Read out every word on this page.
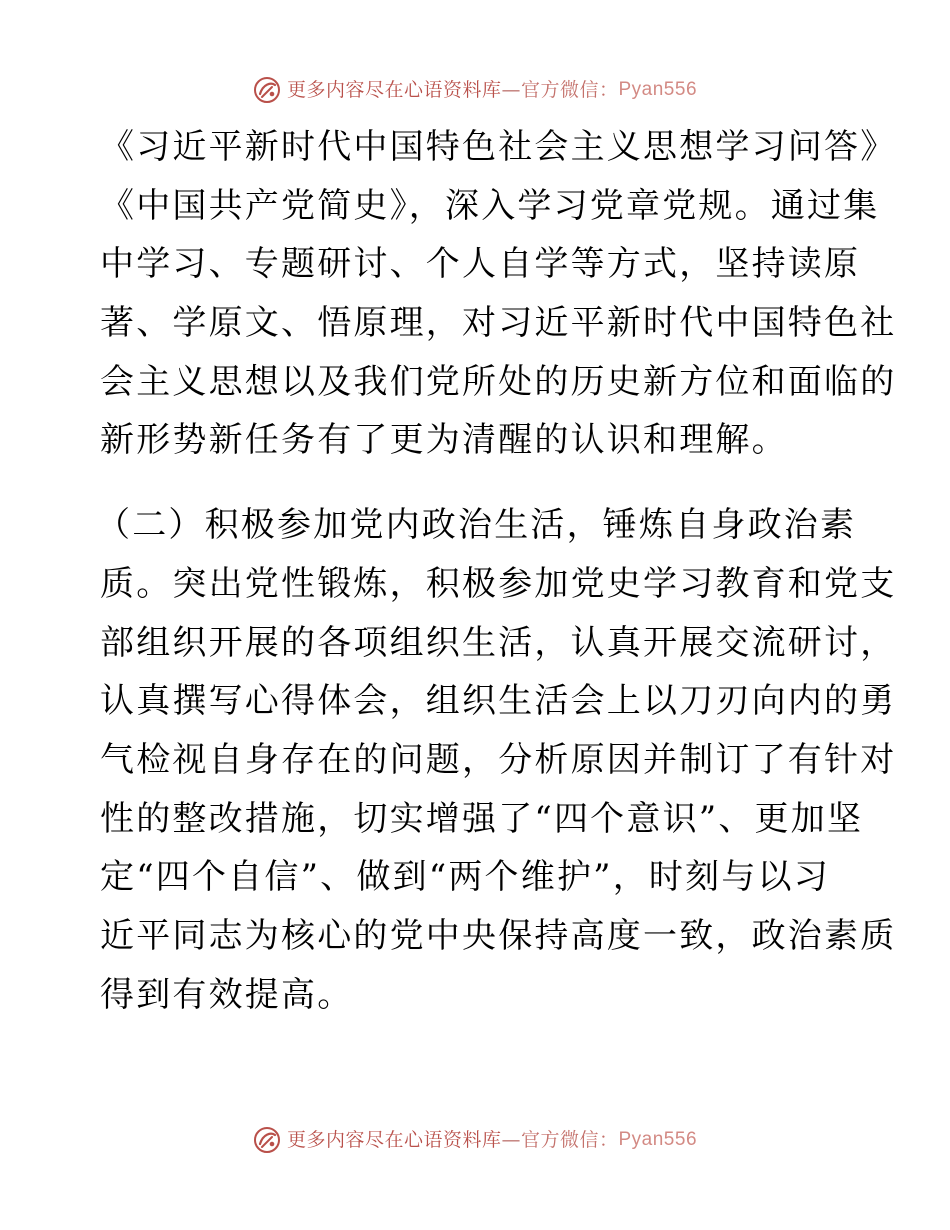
更多内容尽在心语资料库 — 官方微信： Pyan556
《习近平新时代中国特色社会主义思想学习问答》
《中国共产党简史》，深入学习党章党规。通过集
中学习、专题研讨、个人自学等方式，坚持读原
著、学原文、悟原理，对习近平新时代中国特色社
会主义思想以及我们党所处的历史新方位和面临的
新形势新任务有了更为清醒的认识和理解。
（二）积极参加党内政治生活，锤炼自身政治素
质。突出党性锻炼，积极参加党史学习教育和党支
部组织开展的各项组织生活，认真开展交流研讨，
认真撰写心得体会，组织生活会上以刀刃向内的勇
气检视自身存在的问题，分析原因并制订了有针对
性的整改措施，切实增强了“四个意识”、更加坚
定“四个自信”、做到“两个维护”，时刻与以习
近平同志为核心的党中央保持高度一致，政治素质
得到有效提高。
更多内容尽在心语资料库 — 官方微信： Pyan556
